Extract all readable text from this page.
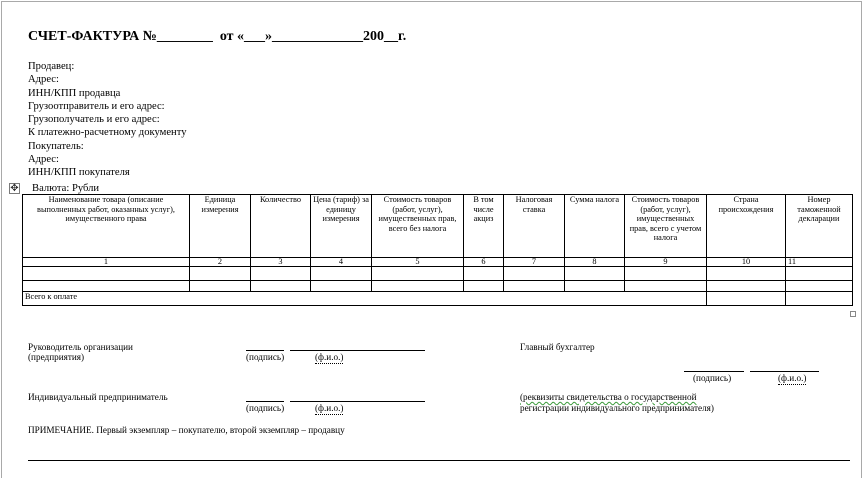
СЧЕТ-ФАКТУРА №________  от «___»_____________200__г.
Продавец:
Адрес:
ИНН/КПП продавца
Грузоотправитель и его адрес:
Грузополучатель и его адрес:
К платежно-расчетному документу
Покупатель:
Адрес:
ИНН/КПП покупателя
✥ Валюта: Рубли
Наименование товара (описание выполненных работ, оказанных услуг), имущественного права	Единица измерения	Количество	Цена (тариф) за единицу измерения	Стоимость товаров (работ, услуг), имущественных прав, всего без налога	В том числе акциз	Налоговая ставка	Сумма налога	Стоимость товаров (работ, услуг), имущественных прав, всего с учетом налога	Страна происхождения	Номер таможенной декларации
1	2	3	4	5	6	7	8	9	10	11

Всего к оплате										
Руководитель организации
(предприятия)	(подпись)	(ф.и.о.)
Главный бухгалтер
(подпись)	(ф.и.о.)
Индивидуальный предприниматель
(подпись)	(ф.и.о.)
(реквизиты свидетельства о государственной
регистрации индивидуального предпринимателя)
ПРИМЕЧАНИЕ. Первый экземпляр – покупателю, второй экземпляр – продавцу
